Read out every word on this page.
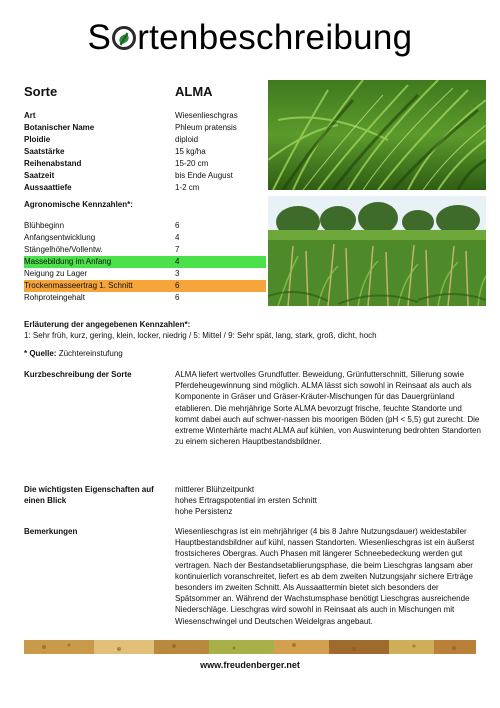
S rtenbeschreibung
Sorte	ALMA
Art	Wiesenlieschgras
Botanischer Name	Phleum pratensis
Ploidie	diploid
Saatstärke	15 kg/ha
Reihenabstand	15-20 cm
Saatzeit	bis Ende August
Aussaattiefe	1-2 cm
Agronomische Kennzahlen*:
Blühbeginn	6
Anfangsentwicklung	4
Stängelhöhe/Vollentw.	7
Massebildung im Anfang	4
Neigung zu Lager	3
Trockenmasseertrag 1. Schnitt	6
Rohproteingehalt	6
Erläuterung der angegebenen Kennzahlen*:
1: Sehr früh, kurz, gering, klein, locker, niedrig / 5: Mittel / 9: Sehr spät, lang, stark, groß, dicht, hoch
* Quelle: Züchtereinstufung
Kurzbeschreibung der Sorte	ALMA liefert wertvolles Grundfutter. Beweidung, Grünfutterschnitt, Silierung sowie Pferdeheugewinnung sind möglich. ALMA lässt sich sowohl in Reinsaat als auch als Komponente in Gräser und Gräser-Kräuter-Mischungen für das Dauergrünland etablieren. Die mehrjährige Sorte ALMA bevorzugt frische, feuchte Standorte und kommt dabei auch auf schwer-nassen bis moorigen Böden (pH < 5,5) gut zurecht. Die extreme Winterhärte macht ALMA auf kühlen, von Auswinterung bedrohten Standorten zu einem sicheren Hauptbestandsbildner.
Die wichtigsten Eigenschaften auf einen Blick
mittlerer Blühzeitpunkt
hohes Ertragspotential im ersten Schnitt
hohe Persistenz
Bemerkungen	Wiesenlieschgras ist ein mehrjähriger (4 bis 8 Jahre Nutzungsdauer) weidestabiler Hauptbestandsbildner auf kühl, nassen Standorten. Wiesenlieschgras ist ein äußerst frostsicheres Obergras. Auch Phasen mit längerer Schneebedeckung werden gut vertragen. Nach der Bestandsetablierungsphase, die beim Lieschgras langsam aber kontinuierlich voranschreitet, liefert es ab dem zweiten Nutzungsjahr sichere Erträge besonders im zweiten Schnitt. Als Aussaattermin bietet sich besonders der Spätsommer an. Während der Wachstumsphase benötigt Lieschgras ausreichende Niederschläge. Lieschgras wird sowohl in Reinsaat als auch in Mischungen mit Wiesenschwingel und Deutschen Weidelgras angebaut.
www.freudenberger.net
